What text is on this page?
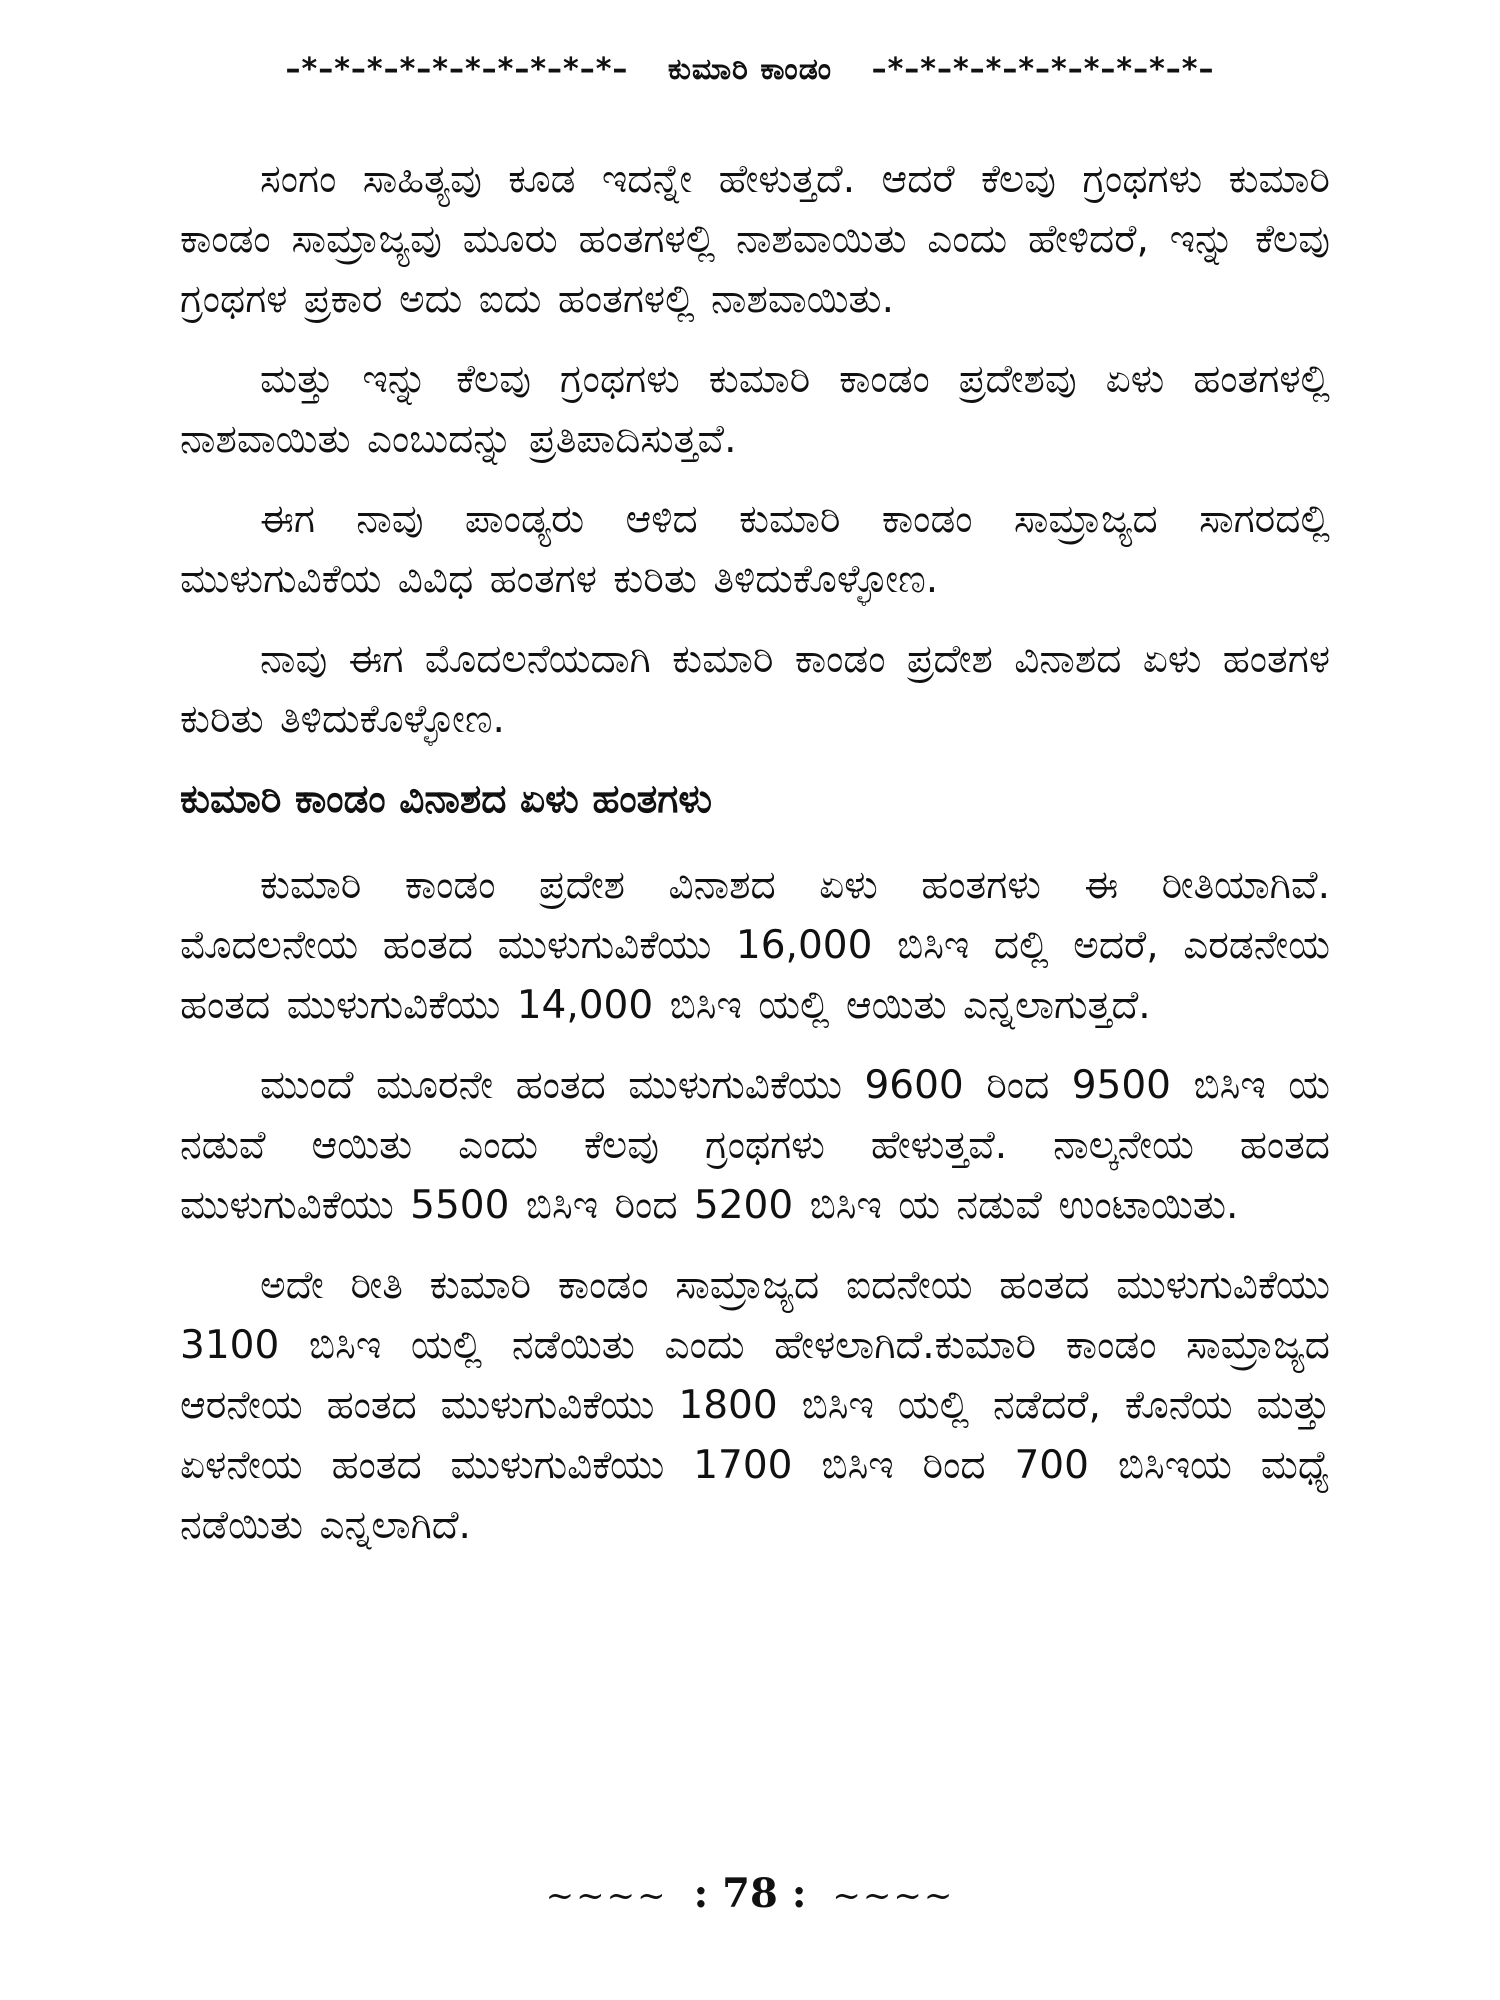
–*–*–*–*–*–*–*–*–*–*– ಕುಮಾರಿ ಕಾಂಡಂ –*–*–*–*–*–*–*–*–*–*–

ಸಂಗಂ ಸಾಹಿತ್ಯವು ಕೂಡ ಇದನ್ನೇ ಹೇಳುತ್ತದೆ. ಆದರೆ ಕೆಲವು ಗ್ರಂಥಗಳು ಕುಮಾರಿ ಕಾಂಡಂ ಸಾಮ್ರಾಜ್ಯವು ಮೂರು ಹಂತಗಳಲ್ಲಿ ನಾಶವಾಯಿತು ಎಂದು ಹೇಳಿದರೆ, ಇನ್ನು ಕೆಲವು ಗ್ರಂಥಗಳ ಪ್ರಕಾರ ಅದು ಐದು ಹಂತಗಳಲ್ಲಿ ನಾಶವಾಯಿತು.

ಮತ್ತು ಇನ್ನು ಕೆಲವು ಗ್ರಂಥಗಳು ಕುಮಾರಿ ಕಾಂಡಂ ಪ್ರದೇಶವು ಏಳು ಹಂತಗಳಲ್ಲಿ ನಾಶವಾಯಿತು ಎಂಬುದನ್ನು ಪ್ರತಿಪಾದಿಸುತ್ತವೆ.

ಈಗ ನಾವು ಪಾಂಡ್ಯರು ಆಳಿದ ಕುಮಾರಿ ಕಾಂಡಂ ಸಾಮ್ರಾಜ್ಯದ ಸಾಗರದಲ್ಲಿ ಮುಳುಗುವಿಕೆಯ ವಿವಿಧ ಹಂತಗಳ ಕುರಿತು ತಿಳಿದುಕೊಳ್ಳೋಣ.

ನಾವು ಈಗ ಮೊದಲನೆಯದಾಗಿ ಕುಮಾರಿ ಕಾಂಡಂ ಪ್ರದೇಶ ವಿನಾಶದ ಏಳು ಹಂತಗಳ ಕುರಿತು ತಿಳಿದುಕೊಳ್ಳೋಣ.

ಕುಮಾರಿ ಕಾಂಡಂ ವಿನಾಶದ ಏಳು ಹಂತಗಳು

ಕುಮಾರಿ ಕಾಂಡಂ ಪ್ರದೇಶ ವಿನಾಶದ ಏಳು ಹಂತಗಳು ಈ ರೀತಿಯಾಗಿವೆ. ಮೊದಲನೇಯ ಹಂತದ ಮುಳುಗುವಿಕೆಯು 16,000 ಬಿಸಿಇ ದಲ್ಲಿ ಅದರೆ, ಎರಡನೇಯ ಹಂತದ ಮುಳುಗುವಿಕೆಯು 14,000 ಬಿಸಿಇ ಯಲ್ಲಿ ಆಯಿತು ಎನ್ನಲಾಗುತ್ತದೆ.

ಮುಂದೆ ಮೂರನೇ ಹಂತದ ಮುಳುಗುವಿಕೆಯು 9600 ರಿಂದ 9500 ಬಿಸಿಇ ಯ ನಡುವೆ ಆಯಿತು ಎಂದು ಕೆಲವು ಗ್ರಂಥಗಳು ಹೇಳುತ್ತವೆ. ನಾಲ್ಕನೇಯ ಹಂತದ ಮುಳುಗುವಿಕೆಯು 5500 ಬಿಸಿಇ ರಿಂದ 5200 ಬಿಸಿಇ ಯ ನಡುವೆ ಉಂಟಾಯಿತು.

ಅದೇ ರೀತಿ ಕುಮಾರಿ ಕಾಂಡಂ ಸಾಮ್ರಾಜ್ಯದ ಐದನೇಯ ಹಂತದ ಮುಳುಗುವಿಕೆಯು 3100 ಬಿಸಿಇ ಯಲ್ಲಿ ನಡೆಯಿತು ಎಂದು ಹೇಳಲಾಗಿದೆ.ಕುಮಾರಿ ಕಾಂಡಂ ಸಾಮ್ರಾಜ್ಯದ ಆರನೇಯ ಹಂತದ ಮುಳುಗುವಿಕೆಯು 1800 ಬಿಸಿಇ ಯಲ್ಲಿ ನಡೆದರೆ, ಕೊನೆಯ ಮತ್ತು ಏಳನೇಯ ಹಂತದ ಮುಳುಗುವಿಕೆಯು 1700 ಬಿಸಿಇ ರಿಂದ 700 ಬಿಸಿಇಯ ಮಧ್ಯೆ ನಡೆಯಿತು ಎನ್ನಲಾಗಿದೆ.

~~~~ : 78 : ~~~~
